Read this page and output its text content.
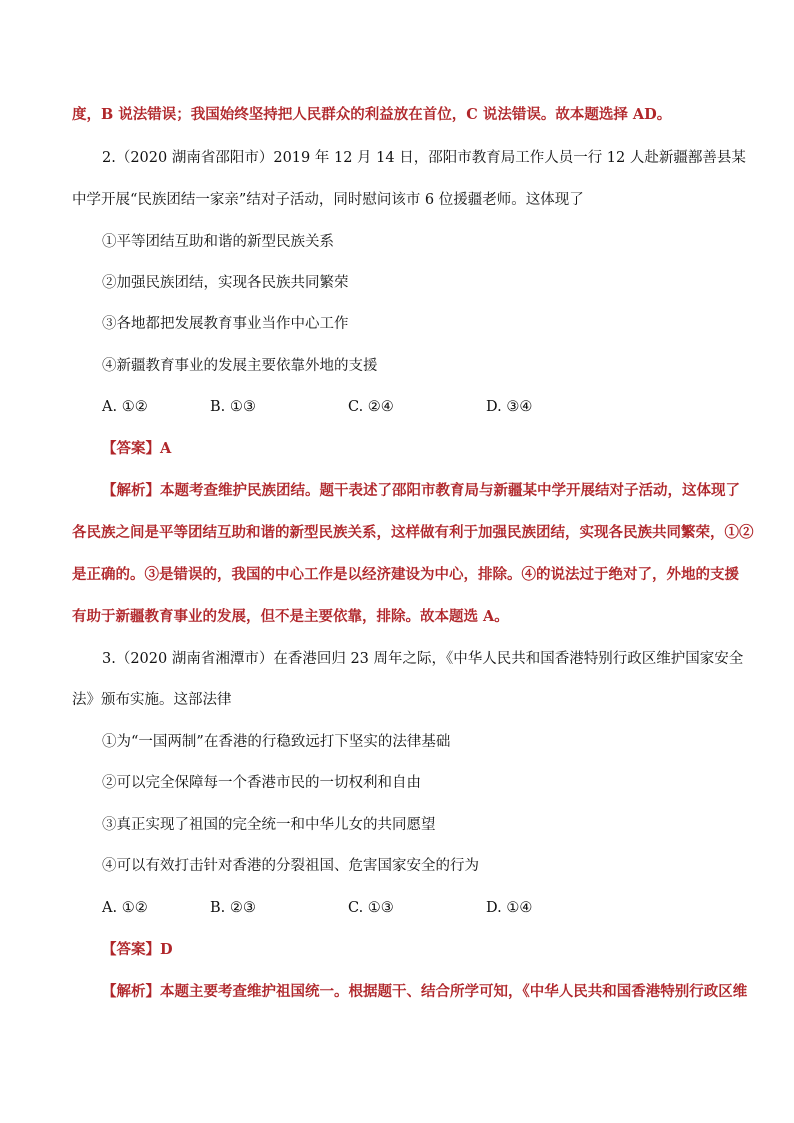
度，B 说法错误；我国始终坚持把人民群众的利益放在首位，C 说法错误。故本题选择 AD。

2.（2020 湖南省邵阳市）2019 年 12 月 14 日，邵阳市教育局工作人员一行 12 人赴新疆鄯善县某

中学开展“民族团结一家亲”结对子活动，同时慰问该市 6 位援疆老师。这体现了

①平等团结互助和谐的新型民族关系

②加强民族团结，实现各民族共同繁荣

③各地都把发展教育事业当作中心工作

④新疆教育事业的发展主要依靠外地的支援

A. ①②	B. ①③	C. ②④	D. ③④

【答案】A

【解析】本题考查维护民族团结。题干表述了邵阳市教育局与新疆某中学开展结对子活动，这体现了

各民族之间是平等团结互助和谐的新型民族关系，这样做有利于加强民族团结，实现各民族共同繁荣，①②

是正确的。③是错误的，我国的中心工作是以经济建设为中心，排除。④的说法过于绝对了，外地的支援

有助于新疆教育事业的发展，但不是主要依靠，排除。故本题选 A。

3.（2020 湖南省湘潭市）在香港回归 23 周年之际，《中华人民共和国香港特别行政区维护国家安全

法》颁布实施。这部法律

①为“一国两制”在香港的行稳致远打下坚实的法律基础

②可以完全保障每一个香港市民的一切权利和自由

③真正实现了祖国的完全统一和中华儿女的共同愿望

④可以有效打击针对香港的分裂祖国、危害国家安全的行为

A. ①②	B. ②③	C. ①③	D. ①④

【答案】D

【解析】本题主要考查维护祖国统一。根据题干、结合所学可知，《中华人民共和国香港特别行政区维
